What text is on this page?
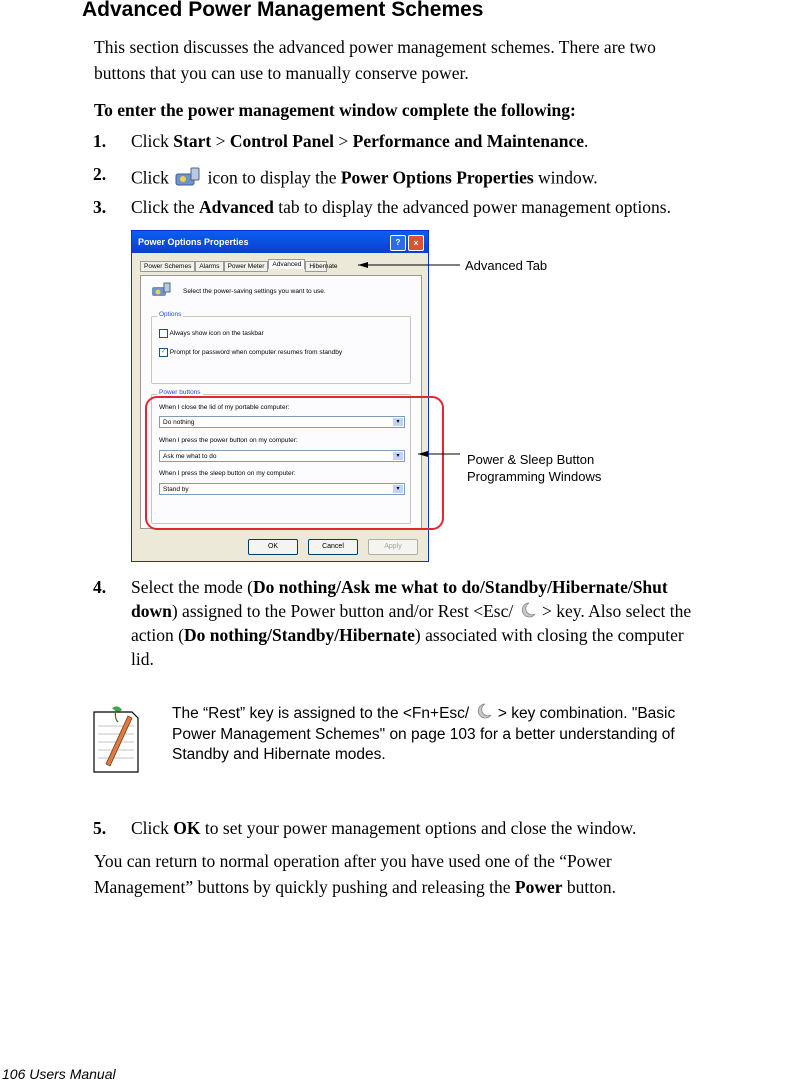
Advanced Power Management Schemes
This section discusses the advanced power management schemes. There are two
buttons that you can use to manually conserve power.
To enter the power management window complete the following:
1. Click Start > Control Panel > Performance and Maintenance.
2. Click  icon to display the Power Options Properties window.
3. Click the Advanced tab to display the advanced power management options.
Power Options Properties	?	×
Power Schemes Alarms Power Meter Advanced Hibernate
Select the power-saving settings you want to use.
Options
Always show icon on the taskbar
✓ Prompt for password when computer resumes from standby
Power buttons
When I close the lid of my portable computer:
Do nothing	▾
When I press the power button on my computer:
Ask me what to do	▾
When I press the sleep button on my computer:
Stand by	▾
OK	Cancel	Apply
Advanced Tab
Power & Sleep Button
Programming Windows
4. Select the mode (Do nothing/Ask me what to do/Standby/Hibernate/Shut
down) assigned to the Power button and/or Rest <Esc/  > key. Also select the
action (Do nothing/Standby/Hibernate) associated with closing the computer
lid.
The “Rest” key is assigned to the <Fn+Esc/  > key combination. "Basic
Power Management Schemes" on page 103 for a better understanding of
Standby and Hibernate modes.
5. Click OK to set your power management options and close the window.
You can return to normal operation after you have used one of the “Power
Management” buttons by quickly pushing and releasing the Power button.
106 Users Manual
